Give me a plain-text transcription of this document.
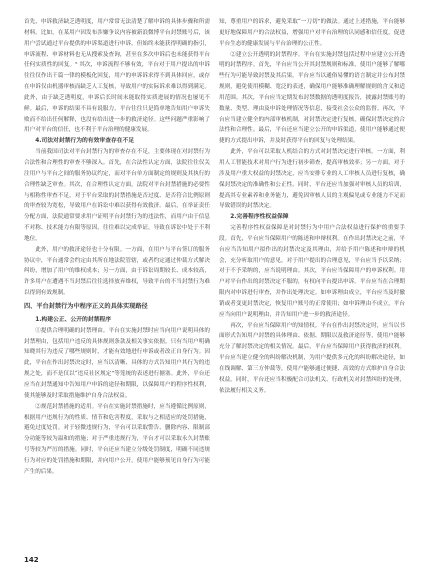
首先，申诉救济缺乏透明度，用户常常无法清楚了解申诉的具体步骤和所需材料。比如，在某用户因发布涉嫌争议内容被新浪微博平台封禁账号后，该用户尝试通过平台提供的申诉渠道进行申诉，但始终未能获得明确的指引，申诉流程、申诉材料也无从搜索及查询，甚至在多次申诉后也未能获得平台任何实质性的回复。⁵ 其次，申诉流程不够有效，平台对于用户提出的申诉往往仅作出千篇一律的模板化回复，用户的申诉诉求得不到具体回应，或存在申诉仅由机器审核而缺乏人工复核，导致用户的实际诉求难以得到满足。此外，由于缺乏透明度，申诉后长时间未能取得实质进展的情况也屡见不鲜。最后，申诉的结果不具有说服力，平台往往只是简单地告知用户申诉失败而不给出任何解释，也没有给出进一步的救济途径。这些问题严重影响了用户对平台的信任，也不利于平台治理的健康发展。

4.司法对封禁行为的有效审查存在不足

当前我国司法对平台封禁行为的审查存在不足，主要体现在对封禁行为合法性和合理性的审查不够深入。首先，在合法性认定方面，法院往往仅关注用户与平台之间的服务协议约定，而对平台单方面制定的规则及其执行的合理性缺乏审查。其次，在合理性认定方面，法院对平台封禁措施的必要性与相称性审查不足，对于平台采取的封禁措施是否过度、是否符合比例原则的审查较为宽松，导致用户在诉讼中难以获得有效救济。最后，在举证责任分配方面，法院通常要求用户证明平台封禁行为的违法性，而用户由于信息不对称、技术能力有限等原因，往往难以完成举证，导致在诉讼中处于不利地位。

此外，用户的救济途径也十分有限。一方面，在用户与平台签订的服务协议中，平台通常会约定由其所在地法院管辖，或者约定通过仲裁方式解决纠纷，增加了用户的维权成本；另一方面，由于诉讼周期较长、成本较高，许多用户在遭遇不当封禁后往往选择放弃维权，导致平台的不当封禁行为难以得到有效规制。

四、平台封禁行为中程序正义的具体实现路径

1.构建公正、公开的封禁程序

①提供合理明确的封禁理由。平台在实施封禁时应当向用户说明具体的封禁理由，包括用户违反的具体规则条款及相关事实依据。只有当用户明确知晓其行为违反了哪些规则时，才能有效地进行申诉或者改正自身行为。因此，平台在作出封禁决定时，应当以清晰、具体的方式告知用户其行为的违规之处，而不是仅以“违反社区规定”等笼统的表述进行搪塞。此外，平台还应当在封禁通知中告知用户申诉的途径和期限，以保障用户的程序性权利，使其能够及时采取措施维护自身合法权益。

②规范封禁措施的适用。平台在实施封禁措施时，应当遵循比例原则，根据用户违规行为的性质、情节和危害程度，采取与之相适应的处罚措施，避免过度处罚。对于轻微违规行为，平台可以采取警告、删除内容、限制部分功能等较为温和的措施；对于严重违规行为，平台才可以采取永久封禁账号等较为严厉的措施。同时，平台还应当建立分级处罚制度，明确不同违规行为对应的处罚措施和期限，并向用户公开，使用户能够预见自身行为可能产生的后果。

知，尊重用户的诉求，避免采取“一刀切”的做法。通过上述措施，平台能够更好地保障用户的合法权益，增强用户对平台治理的认同感和信任度，促进平台生态的健康发展与平台治理的公正性。

②建立公开透明的封禁程序。平台在实施封禁包括过程中应建立公开透明的封禁程序。首先，平台应当公开其封禁规则和标准，使用户能够了解哪些行为可能导致封禁及其后果。平台应当以通俗易懂的语言制定并公布封禁规则，避免使用模糊、宽泛的表述，确保用户能够准确理解规则的含义和适用范围。其次，平台应当定期发布封禁数据的透明度报告，披露封禁账号的数量、类型、理由及申诉处理情况等信息，接受社会公众的监督。再次，平台应当建立健全的内部审核机制，对封禁决定进行复核，确保封禁决定的合法性和合理性。最后，平台还应当建立公开的申诉渠道，使用户能够通过便捷的方式提出申诉，并及时获得平台的回复与处理结果。

此外，平台可以采取人机结合的方式对封禁决定进行审核。一方面，利用人工智能技术对用户行为进行初步筛查，提高审核效率；另一方面，对于涉及用户重大权益的封禁决定，应当安排专业的人工审核人员进行复核，确保封禁决定的准确性和公正性。同时，平台还应当加强对审核人员的培训，提高其专业素养和业务能力，避免因审核人员的主观偏见或专业能力不足而导致错误的封禁决定。

2.完善程序性权益保障

完善程序性权益保障是对封禁行为中用户合法权益进行保护的重要手段。首先，平台应当保障用户的陈述和申辩权利。在作出封禁决定之前，平台应当告知用户拟作出的封禁决定及其理由，并给予用户陈述和申辩的机会，充分听取用户的意见。对于用户提出的合理意见，平台应当予以采纳；对于不予采纳的，应当说明理由。其次，平台应当保障用户的申诉权利。用户对平台作出的封禁决定不服的，有权向平台提出申诉。平台应当在合理期限内对申诉进行审查，并作出处理决定。如申诉理由成立，平台应当及时撤销或者变更封禁决定，恢复用户账号的正常使用；如申诉理由不成立，平台应当向用户说明理由，并告知用户进一步的救济途径。

再次，平台应当保障用户的知情权。平台在作出封禁决定时，应当以书面形式告知用户封禁的具体理由、依据、期限以及救济途径等，使用户能够充分了解封禁决定的相关情况。最后，平台应当保障用户获得救济的权利。平台应当建立健全的纠纷解决机制，为用户提供多元化的纠纷解决途径，如在线调解、第三方仲裁等，使用户能够通过便捷、高效的方式维护自身合法权益。同时，平台还应当积极配合司法机关、行政机关对封禁纠纷的处理，依法履行相关义务。

142
